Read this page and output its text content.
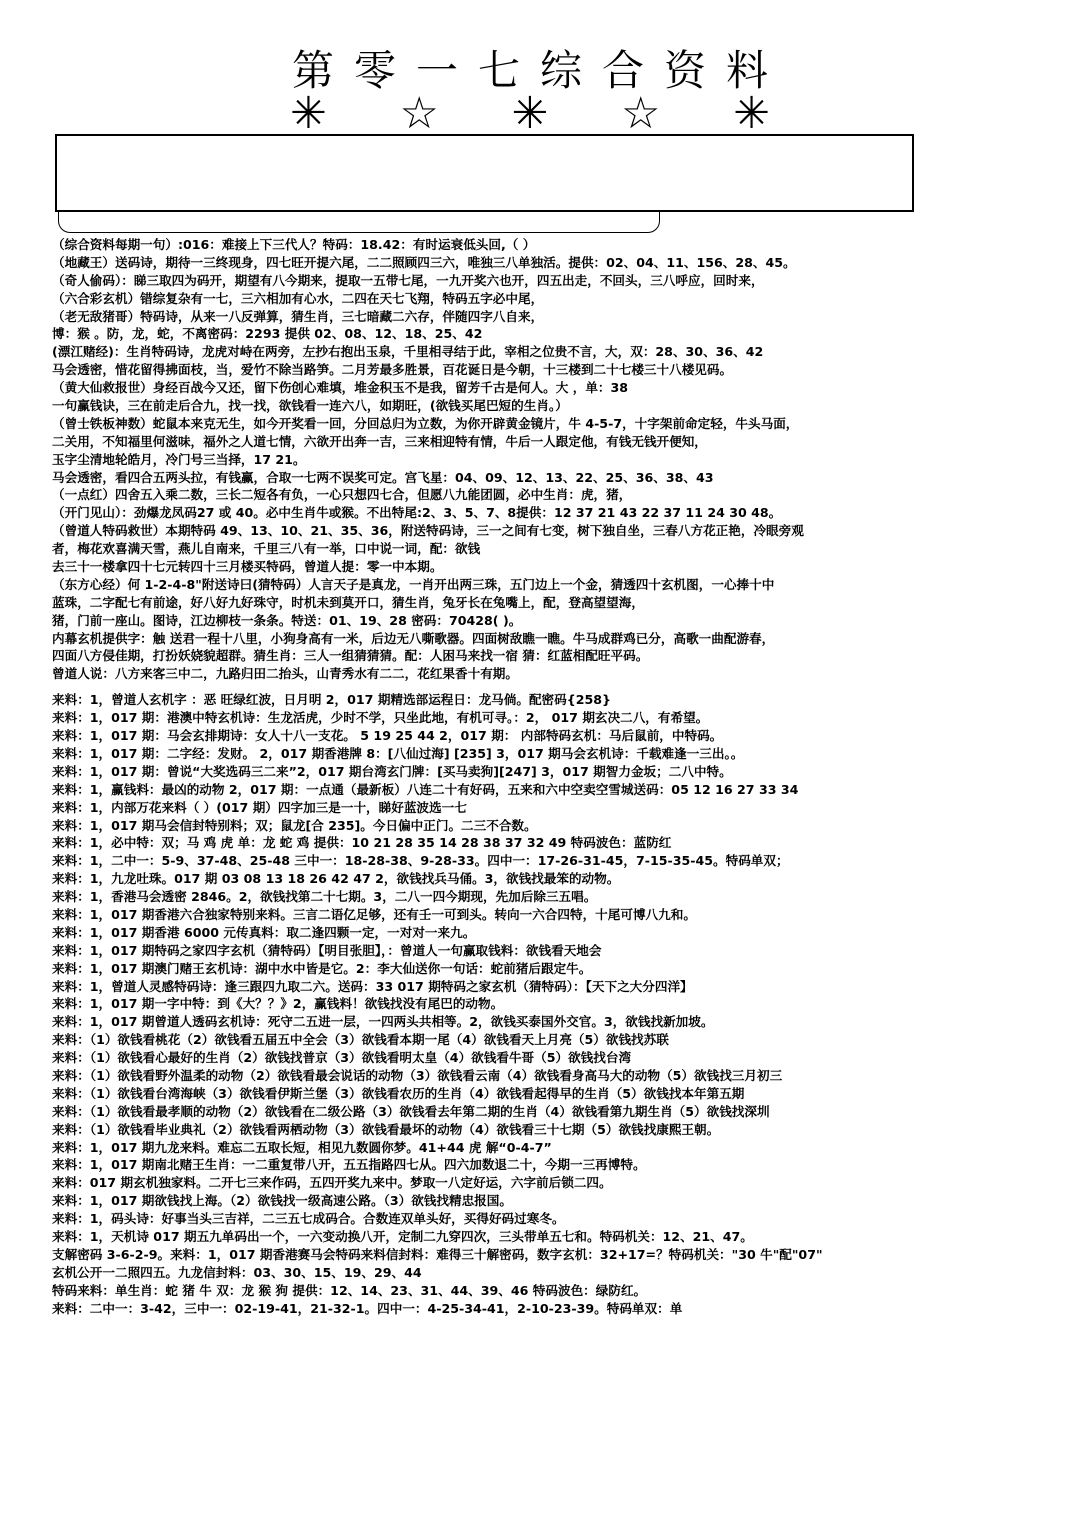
第零一七综合资料
✳ ☆ ✳ ☆ ✳
（综合资料每期一句）:016：难接上下三代人？特码：18.42：有时运衰低头回,（ ）
（地藏王）送码诗，期待一三终现身，四七旺开提六尾，二二照顾四三六，唯独三八单独活。提供：02、04、11、156、28、45。
（奇人偷码）：睇三取四为码开，期望有八今期来，提取一五带七尾，一九开奖六也开，四五出走，不回头，三八呼应，回时来，
（六合彩玄机）错综复杂有一七，三六相加有心水，二四在天七飞翔，特码五字必中尾，
（老无敌猪哥）特码诗，从来一八反弹算，猜生肖，三七暗藏二六存，伴随四字八自来，
博：猴 。防，龙，蛇，不离密码：2293 提供 02、08、12、18、25、42
(漂江赌经)：生肖特码诗，龙虎对峙在两旁，左抄右抱出玉泉，千里相寻结于此，宰相之位贵不言，大，双：28、30、36、42
马会透密，惜花留得拂面枝，当，爱竹不除当路笋。二月芳最多胜景，百花诞日是今朝，十三楼到二十七楼三十八楼见码。
（黄大仙救报世）身经百战今又还，留下伤创心难填，堆金积玉不是我，留芳千古是何人。大 ，单：38
一句赢钱诀，三在前走后合九，找一找，欲钱看一连六八，如期旺，(欲钱买尾巴短的生肖。）
（曾士铁板神数）蛇鼠本来克无生，如今开奖看一回，分回总归为立数，为你开辟黄金镜片，牛 4-5-7，十字架前命定轻，牛头马面，
二关用，不知福里何滋味，福外之人道七情，六欲开出奔一吉，三来相迎特有情，牛后一人跟定他，有钱无钱开便知，
玉字尘清地轮皓月，冷门号三当择，17 21。
马会透密，看四合五两头拉，有钱赢，合取一七两不误奖可定。宫飞星：04、09、12、13、22、25、36、38、43
（一点红）四舍五入乘二数，三长二短各有负，一心只想四七合，但愿八九能团圆，必中生肖：虎，猪，
（开门见山）：劲爆龙凤码27 或 40。必中生肖牛或猴。不出特尾:2、3、5、7、8提供：12 37 21 43 22 37 11 24 30 48。
（曾道人特码救世）本期特码 49、13、10、21、35、36，附送特码诗，三一之间有七变，树下独自坐，三春八方花正艳，冷眼旁观
者，梅花欢喜满天雪，燕儿自南来，千里三八有一举，口中说一词，配：欲钱
去三十一楼拿四十七元转四十三月楼买特码，曾道人提：零一中本期。
（东方心经）何 1-2-4-8"附送诗曰(猜特码）人言天子是真龙，一肖开出两三珠，五门边上一个金，猜透四十玄机图，一心捧十中
蓝珠，二字配七有前途，好八好九好珠守，时机未到莫开口，猜生肖，兔牙长在兔嘴上，配，登高望望海，
猪，门前一座山。图诗，江边柳枝一条条。特送：01、19、28 密码：70428( )。
内幕玄机提供字：触 送君一程十八里，小狗身高有一米，后边无八嘶歌器。四面树敌瞧一瞧。牛马成群鸡已分，高歌一曲配游春，
四面八方侵佳期，打扮妖娆貌超群。猜生肖：三人一组猜猜猜。配：人困马来找一宿 猜：红蓝相配旺平码。
曾道人说：八方来客三中二，九路归田二抬头，山青秀水有二二，花红果香十有期。
来料：1，曾道人玄机字 ：恶 旺绿红波，日月明 2，017 期精选部运程日：龙马倘。配密码{258}
来料：1，017 期：港澳中特玄机诗：生龙活虎，少时不学，只坐此地，有机可寻。：2， 017 期玄决二八，有希望。
来料：1，017 期：马会玄排期诗：女人十八一支花。 5 19 25 44 2，017 期： 内部特码玄机：马后鼠前，中特码。
来料：1，017 期：二字经：发财。 2，017 期香港牌 8：[八仙过海] [235] 3，017 期马会玄机诗：千载难逢一三出。。
来料：1，017 期：曾说“大奖选码三二来”2，017 期台湾玄门牌：[买马卖狗][247] 3，017 期智力金坂；二八中特。
来料：1，赢钱料：最凶的动物 2，017 期：一点通（最新板）八连二十有好码，五来和六中空卖空雪城送码：05 12 16 27 33 34
来料：1，内部万花来料（ ）(017 期）四字加三是一十，睇好蓝波选一七
来料：1，017 期马会信封特别料；双；鼠龙[合 235]。今日偏中正门。二三不合数。
来料：1，必中特：双；马 鸡 虎 单：龙 蛇 鸡 提供：10 21 28 35 14 28 38 37 32 49 特码波色：蓝防红
来料：1，二中一：5-9、37-48、25-48 三中一：18-28-38、9-28-33。四中一：17-26-31-45，7-15-35-45。特码单双；
来料：1，九龙吐珠。017 期 03 08 13 18 26 42 47 2，欲钱找兵马俑。3，欲钱找最笨的动物。
来料：1，香港马会透密 2846。2，欲钱找第二十七期。3，二八一四今期现，先加后除三五唱。
来料：1，017 期香港六合独家特别来料。三言二语亿足够，还有壬一可到头。转向一六合四特，十尾可博八九和。
来料：1，017 期香港 6000 元传真料：取二逢四颗一定，一对对一来九。
来料：1，017 期特码之家四字玄机（猜特码）【明目张胆】，：曾道人一句赢取钱料：欲钱看天地会
来料：1，017 期澳门赌王玄机诗：湖中水中皆是它。2：李大仙送你一句话：蛇前猪后跟定牛。
来料：1，曾道人灵感特码诗：逢三跟四九取二六。送码：33 017 期特码之家玄机（猜特码）：【天下之大分四洋】
来料：1，017 期一字中特：到《大？？》2，赢钱料！欲钱找没有尾巴的动物。
来料：1，017 期曾道人透码玄机诗：死守二五进一层，一四两头共相等。2，欲钱买泰国外交官。3，欲钱找新加坡。
来料：（1）欲钱看桃花（2）欲钱看五届五中全会（3）欲钱看本期一尾（4）欲钱看天上月亮（5）欲钱找苏联
来料：（1）欲钱看心最好的生肖（2）欲钱找普京（3）欲钱看明太皇（4）欲钱看牛哥（5）欲钱找台湾
来料：（1）欲钱看野外温柔的动物（2）欲钱看最会说话的动物（3）欲钱看云南（4）欲钱看身高马大的动物（5）欲钱找三月初三
来料：（1）欲钱看台湾海峡（3）欲钱看伊斯兰堡（3）欲钱看农历的生肖（4）欲钱看起得早的生肖（5）欲钱找本年第五期
来料：（1）欲钱看最孝顺的动物（2）欲钱看在二级公路（3）欲钱看去年第二期的生肖（4）欲钱看第九期生肖（5）欲钱找深圳
来料：（1）欲钱看毕业典礼（2）欲钱看两栖动物（3）欲钱看最坏的动物（4）欲钱看三十七期（5）欲钱找康熙王朝。
来料：1，017 期九龙来料。难忘二五取长短，相见九数圆你梦。41+44 虎 解“0-4-7”
来料：1，017 期南北赌王生肖：一二重复带八开，五五指路四七从。四六加数退二十，今期一三再博特。
来料：017 期玄机独家料。二开七三来作码，五四开奖九来中。梦取一八定好运，六字前后锁二四。
来料：1，017 期欲钱找上海。（2）欲钱找一级高速公路。（3）欲钱找精忠报国。
来料：1，码头诗：好事当头三吉祥，二三五七成码合。合数连双单头好，买得好码过寒冬。
来料：1，天机诗 017 期五九单码出一个，一六变动换八开，定制二九穿四次，三头带单五七和。特码机关：12、21、47。
支解密码 3-6-2-9。来料：1，017 期香港赛马会特码来料信封料：难得三十解密码，数字玄机：32+17=？特码机关："30 牛"配"07"
玄机公开一二照四五。九龙信封料：03、30、15、19、29、44
特码来料：单生肖：蛇 猪 牛 双：龙 猴 狗 提供：12、14、23、31、44、39、46 特码波色：绿防红。
来料：二中一：3-42，三中一：02-19-41，21-32-1。四中一：4-25-34-41，2-10-23-39。特码单双：单
